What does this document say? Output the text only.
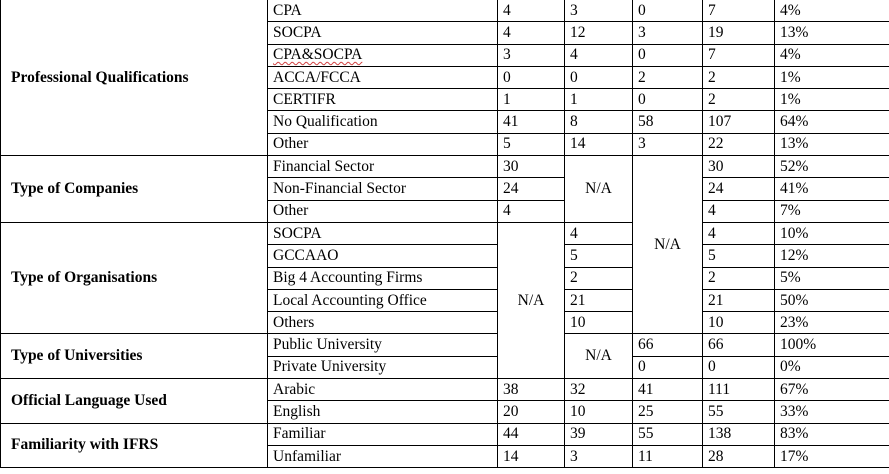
Professional Qualifications	CPA	4	3	0	7	4%
	SOCPA	4	12	3	19	13%
	CPA&SOCPA	3	4	0	7	4%
	ACCA/FCCA	0	0	2	2	1%
	CERTIFR	1	1	0	2	1%
	No Qualification	41	8	58	107	64%
	Other	5	14	3	22	13%
Type of Companies	Financial Sector	30	N/A	N/A	30	52%
	Non-Financial Sector	24			24	41%
	Other	4			4	7%
Type of Organisations	SOCPA	N/A	4		4	10%
	GCCAAO		5		5	12%
	Big 4 Accounting Firms		2		2	5%
	Local Accounting Office		21		21	50%
	Others		10		10	23%
Type of Universities	Public University		N/A	66	66	100%
	Private University			0	0	0%
Official Language Used	Arabic	38	32	41	111	67%
	English	20	10	25	55	33%
Familiarity with IFRS	Familiar	44	39	55	138	83%
	Unfamiliar	14	3	11	28	17%
